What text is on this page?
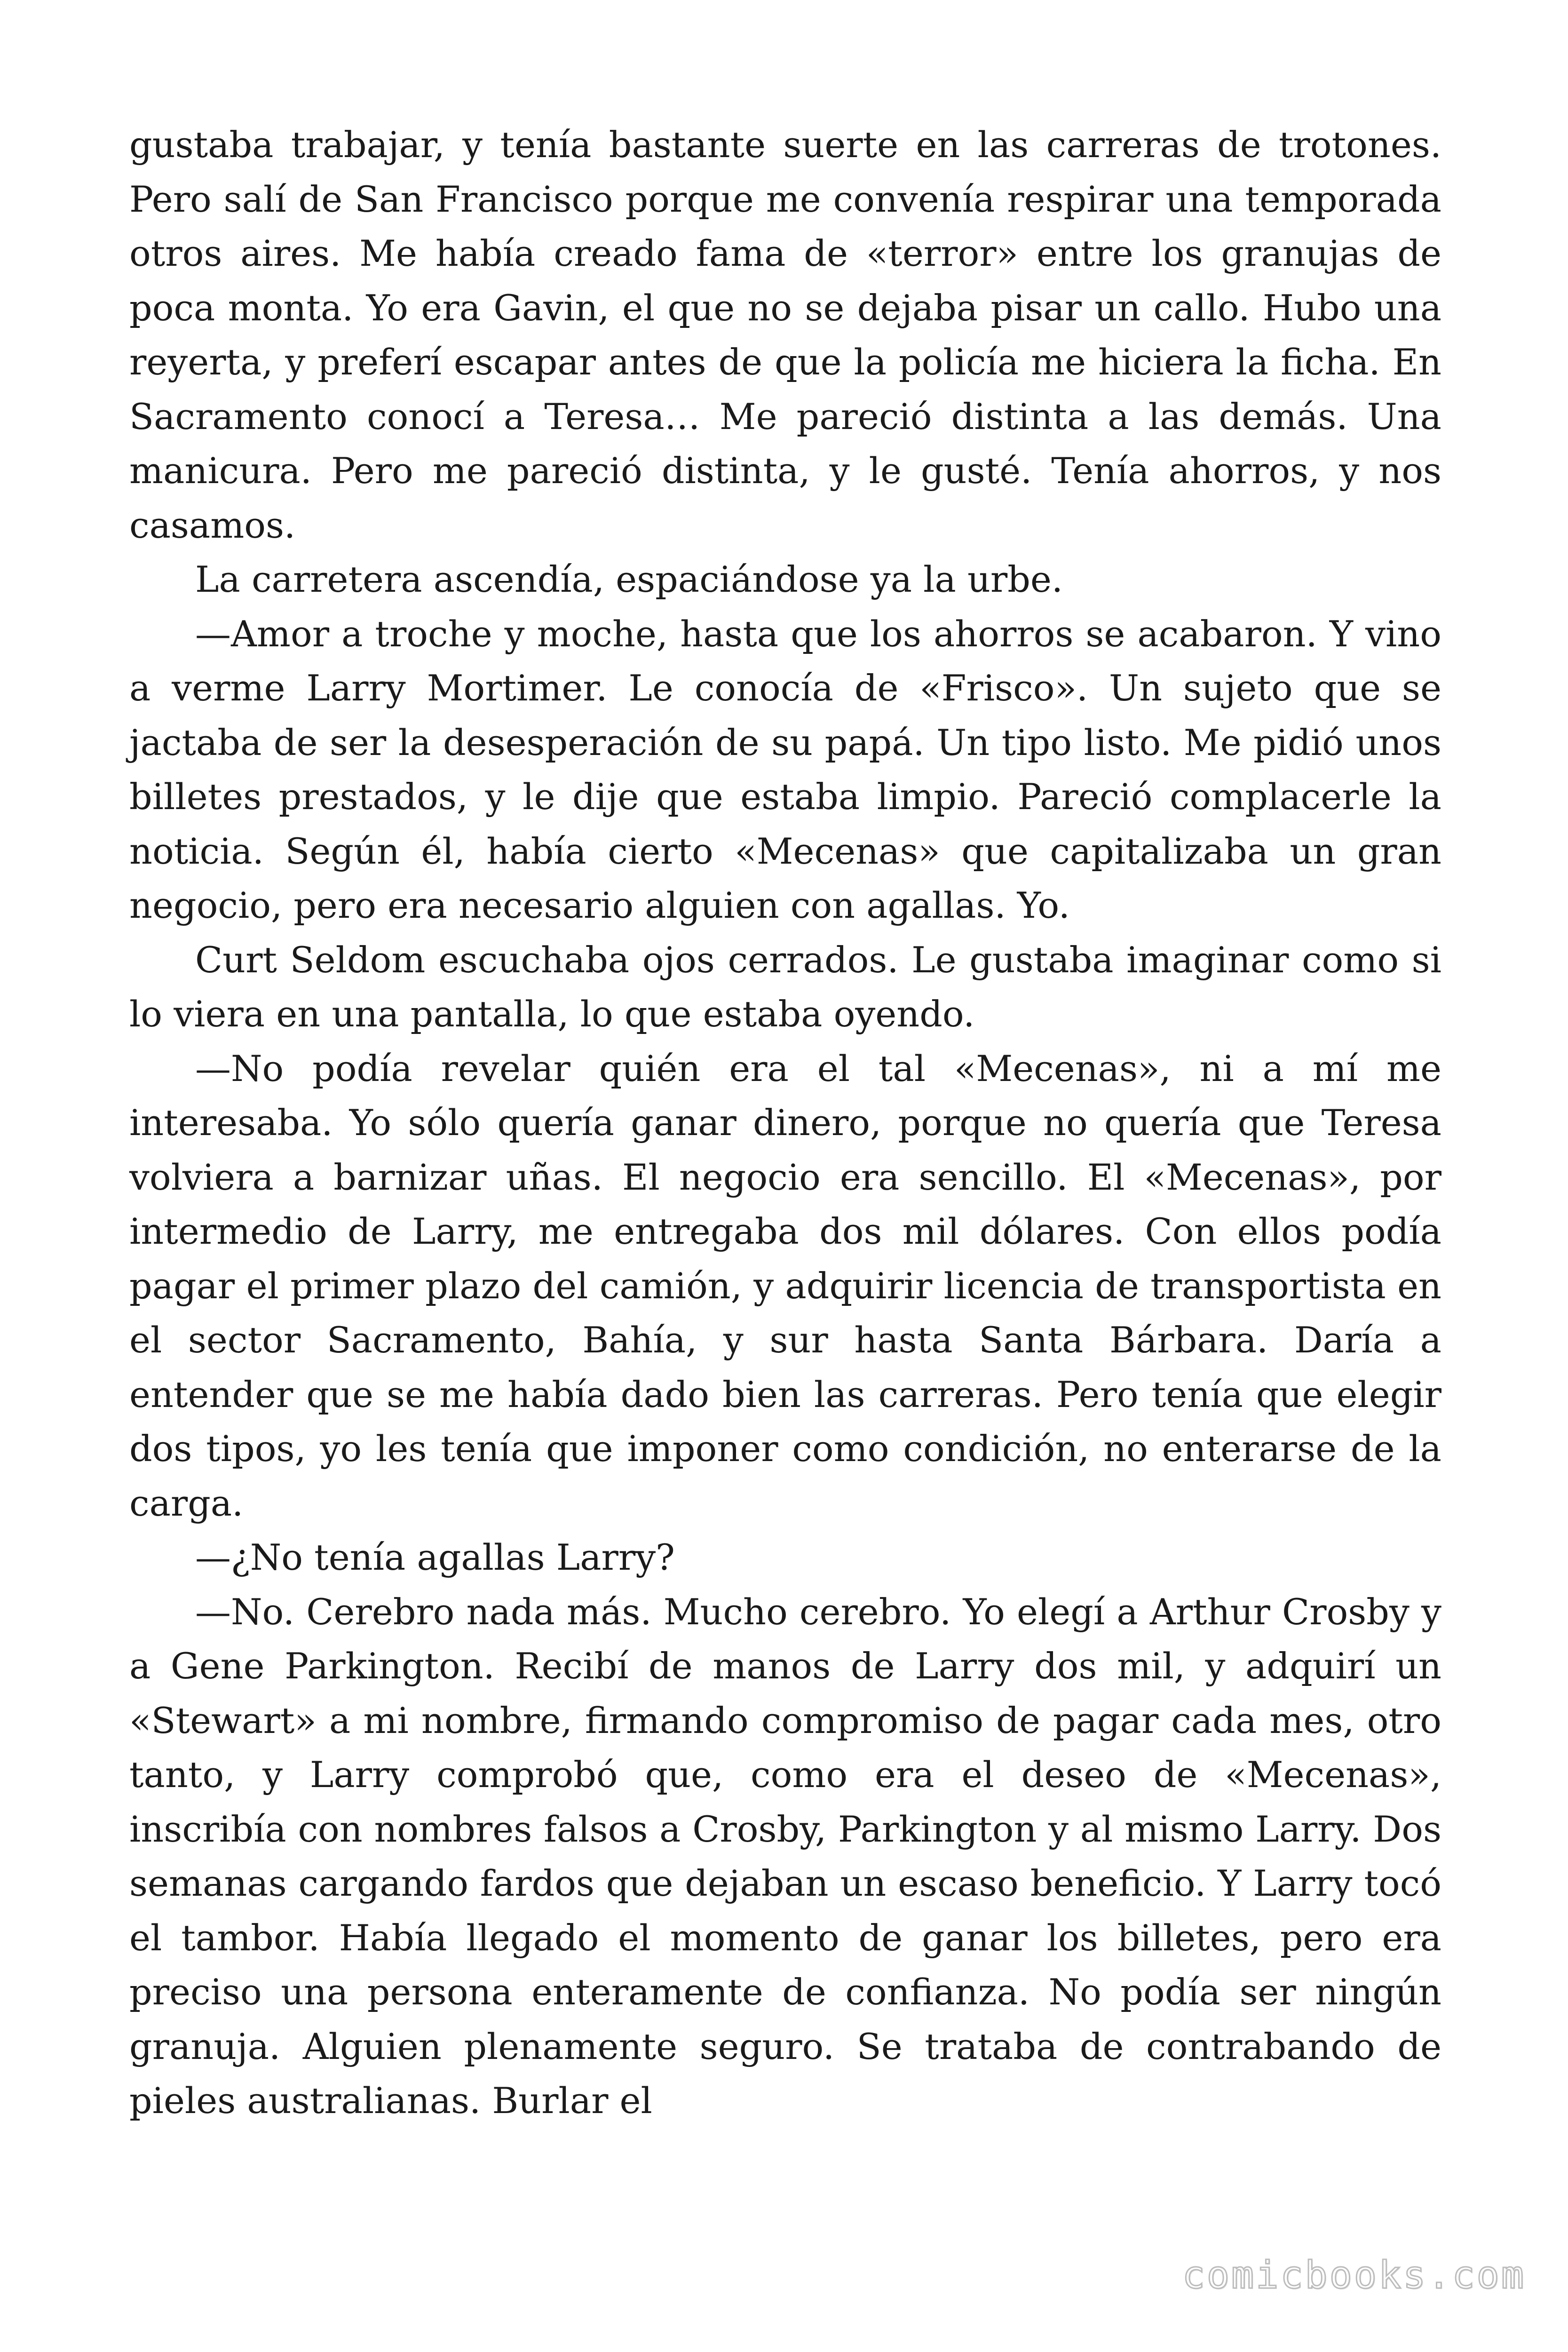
gustaba trabajar, y tenía bastante suerte en las carreras de trotones. Pero salí de San Francisco porque me convenía respirar una temporada otros aires. Me había creado fama de «terror» entre los granujas de poca monta. Yo era Gavin, el que no se dejaba pisar un callo. Hubo una reyerta, y preferí escapar antes de que la policía me hiciera la ficha. En Sacramento conocí a Teresa… Me pareció distinta a las demás. Una manicura. Pero me pareció distinta, y le gusté. Tenía ahorros, y nos casamos.

La carretera ascendía, espaciándose ya la urbe.

—Amor a troche y moche, hasta que los ahorros se acabaron. Y vino a verme Larry Mortimer. Le conocía de «Frisco». Un sujeto que se jactaba de ser la desesperación de su papá. Un tipo listo. Me pidió unos billetes prestados, y le dije que estaba limpio. Pareció complacerle la noticia. Según él, había cierto «Mecenas» que capitalizaba un gran negocio, pero era necesario alguien con agallas. Yo.

Curt Seldom escuchaba ojos cerrados. Le gustaba imaginar como si lo viera en una pantalla, lo que estaba oyendo.

—No podía revelar quién era el tal «Mecenas», ni a mí me interesaba. Yo sólo quería ganar dinero, porque no quería que Teresa volviera a barnizar uñas. El negocio era sencillo. El «Mecenas», por intermedio de Larry, me entregaba dos mil dólares. Con ellos podía pagar el primer plazo del camión, y adquirir licencia de transportista en el sector Sacramento, Bahía, y sur hasta Santa Bárbara. Daría a entender que se me había dado bien las carreras. Pero tenía que elegir dos tipos, yo les tenía que imponer como condición, no enterarse de la carga.

—¿No tenía agallas Larry?

—No. Cerebro nada más. Mucho cerebro. Yo elegí a Arthur Crosby y a Gene Parkington. Recibí de manos de Larry dos mil, y adquirí un «Stewart» a mi nombre, firmando compromiso de pagar cada mes, otro tanto, y Larry comprobó que, como era el deseo de «Mecenas», inscribía con nombres falsos a Crosby, Parkington y al mismo Larry. Dos semanas cargando fardos que dejaban un escaso beneficio. Y Larry tocó el tambor. Había llegado el momento de ganar los billetes, pero era preciso una persona enteramente de confianza. No podía ser ningún granuja. Alguien plenamente seguro. Se trataba de contrabando de pieles australianas. Burlar el

comicbooks.com
